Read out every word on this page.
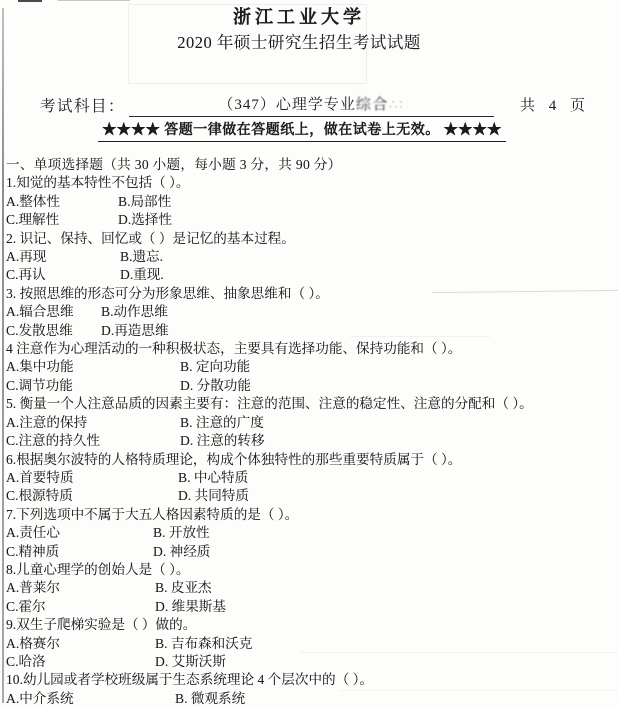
浙江工业大学
2020 年硕士研究生招生考试试题
考试科目：	（347）心理学专业综合∴∶	共 4 页
★★★★ 答题一律做在答题纸上，做在试卷上无效。 ★★★★
一、单项选择题（共 30 小题，每小题 3 分，共 90 分）
1.知觉的基本特性不包括（ ）。
A.整体性	B.局部性
C.理解性	D.选择性
2. 识记、保持、回忆或（ ）是记忆的基本过程。
A.再现	B.遗忘.
C.再认	D.重现.
3. 按照思维的形态可分为形象思维、抽象思维和（ ）。
A.辐合思维 B.动作思维
C.发散思维 D.再造思维
4 注意作为心理活动的一种积极状态，主要具有选择功能、保持功能和（ ）。
A.集中功能	B. 定向功能
C.调节功能	D. 分散功能
5. 衡量一个人注意品质的因素主要有：注意的范围、注意的稳定性、注意的分配和（ ）。
A.注意的保持	B. 注意的广度
C.注意的持久性	D. 注意的转移
6.根据奥尔波特的人格特质理论，构成个体独特性的那些重要特质属于（ ）。
A.首要特质	B. 中心特质
C.根源特质	D. 共同特质
7.下列选项中不属于大五人格因素特质的是（ ）。
A.责任心	B. 开放性
C.精神质	D. 神经质
8.儿童心理学的创始人是（ ）。
A.普莱尔	B. 皮亚杰
C.霍尔	D. 维果斯基
9.双生子爬梯实验是（ ）做的。
A.格赛尔	B. 吉布森和沃克
C.哈洛	D. 艾斯沃斯
10.幼儿园或者学校班级属于生态系统理论 4 个层次中的（ ）。
A.中介系统	B. 微观系统
